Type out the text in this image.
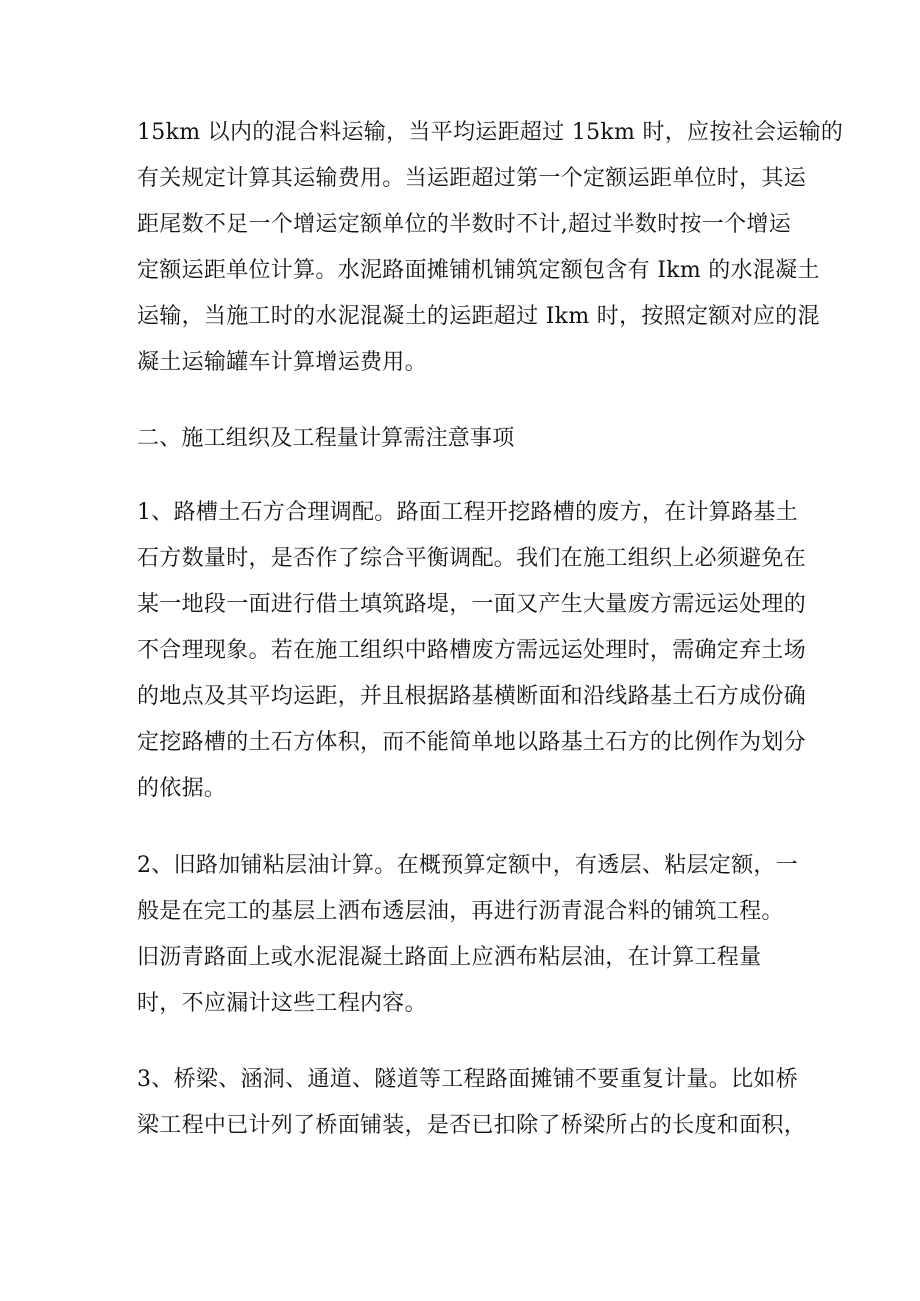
15km 以内的混合料运输，当平均运距超过 15km 时，应按社会运输的
有关规定计算其运输费用。当运距超过第一个定额运距单位时，其运
距尾数不足一个增运定额单位的半数时不计,超过半数时按一个增运
定额运距单位计算。水泥路面摊铺机铺筑定额包含有 Ikm 的水混凝土
运输，当施工时的水泥混凝土的运距超过 Ikm 时，按照定额对应的混
凝土运输罐车计算增运费用。
二、施工组织及工程量计算需注意事项
1、路槽土石方合理调配。路面工程开挖路槽的废方，在计算路基土
石方数量时，是否作了综合平衡调配。我们在施工组织上必须避免在
某一地段一面进行借土填筑路堤，一面又产生大量废方需远运处理的
不合理现象。若在施工组织中路槽废方需远运处理时，需确定弃土场
的地点及其平均运距，并且根据路基横断面和沿线路基土石方成份确
定挖路槽的土石方体积，而不能简单地以路基土石方的比例作为划分
的依据。
2、旧路加铺粘层油计算。在概预算定额中，有透层、粘层定额，一
般是在完工的基层上洒布透层油，再进行沥青混合料的铺筑工程。
旧沥青路面上或水泥混凝土路面上应洒布粘层油，在计算工程量
时，不应漏计这些工程内容。
3、桥梁、涵洞、通道、隧道等工程路面摊铺不要重复计量。比如桥
梁工程中已计列了桥面铺装，是否已扣除了桥梁所占的长度和面积，
